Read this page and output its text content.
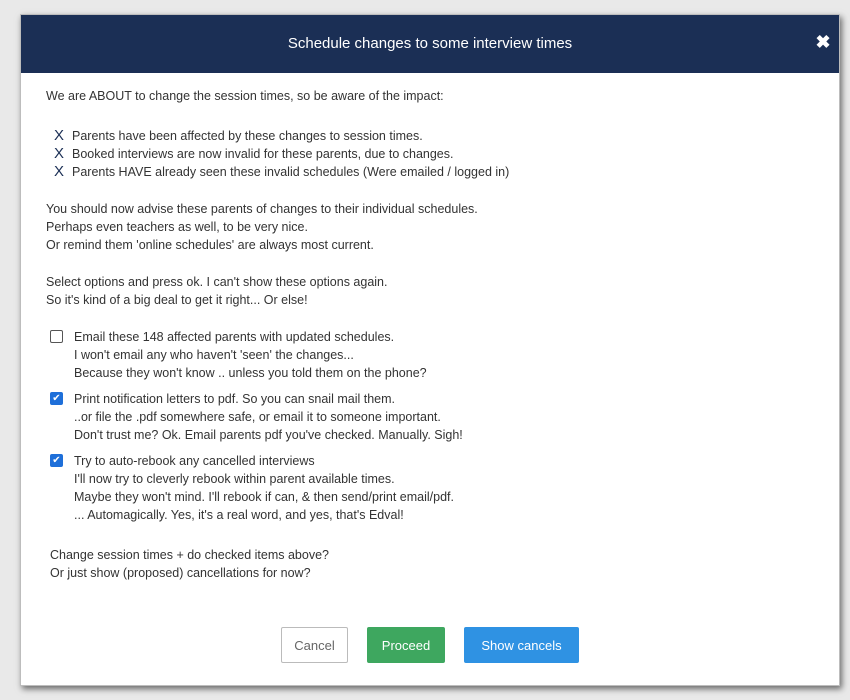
Schedule changes to some interview times	✖

We are ABOUT to change the session times, so be aware of the impact:

X Parents have been affected by these changes to session times.
X Booked interviews are now invalid for these parents, due to changes.
X Parents HAVE already seen these invalid schedules (Were emailed / logged in)

You should now advise these parents of changes to their individual schedules.

Perhaps even teachers as well, to be very nice.

Or remind them 'online schedules' are always most current.

Select options and press ok. I can't show these options again.

So it's kind of a big deal to get it right... Or else!

Email these 148 affected parents with updated schedules.

I won't email any who haven't 'seen' the changes...

Because they won't know .. unless you told them on the phone?

✔ Print notification letters to pdf. So you can snail mail them.

..or file the .pdf somewhere safe, or email it to someone important.

Don't trust me? Ok. Email parents pdf you've checked. Manually. Sigh!

✔ Try to auto-rebook any cancelled interviews

I'll now try to cleverly rebook within parent available times.

Maybe they won't mind. I'll rebook if can, & then send/print email/pdf.

... Automagically. Yes, it's a real word, and yes, that's Edval!

Change session times + do checked items above?

Or just show (proposed) cancellations for now?

Cancel	Proceed	Show cancels
